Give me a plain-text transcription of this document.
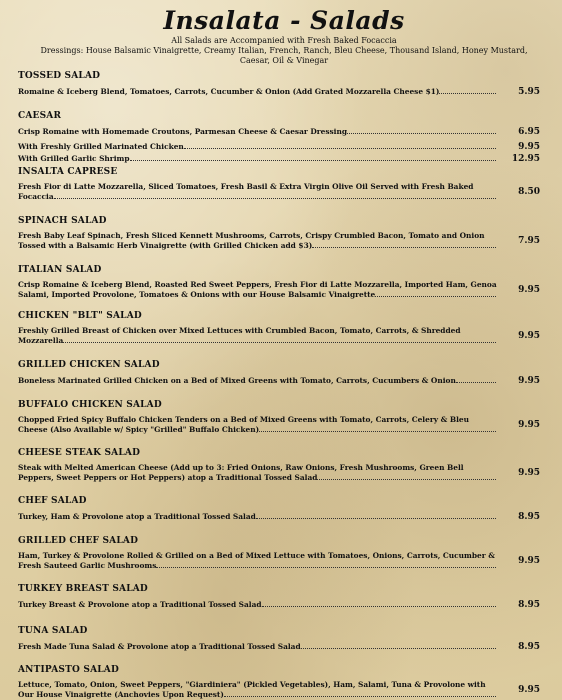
Insalata - Salads
All Salads are Accompanied with Fresh Baked Focaccia
Dressings: House Balsamic Vinaigrette, Creamy Italian, French, Ranch, Bleu Cheese, Thousand Island, Honey Mustard,
Caesar, Oil & Vinegar
TOSSED SALAD
Romaine & Iceberg Blend, Tomatoes, Carrots, Cucumber & Onion (Add Grated Mozzarella Cheese $1)	5.95
CAESAR
Crisp Romaine with Homemade Croutons, Parmesan Cheese & Caesar Dressing	6.95
With Freshly Grilled Marinated Chicken	9.95
With Grilled Garlic Shrimp	12.95
INSALTA CAPRESE
Fresh Fior di Latte Mozzarella, Sliced Tomatoes, Fresh Basil & Extra Virgin Olive Oil Served with Fresh Baked Focaccia	8.50
SPINACH SALAD
Fresh Baby Leaf Spinach, Fresh Sliced Kennett Mushrooms, Carrots, Crispy Crumbled Bacon, Tomato and Onion Tossed with a Balsamic Herb Vinaigrette (with Grilled Chicken add $3)	7.95
ITALIAN SALAD
Crisp Romaine & Iceberg Blend, Roasted Red Sweet Peppers, Fresh Fior di Latte Mozzarella, Imported Ham, Genoa Salami, Imported Provolone, Tomatoes & Onions with our House Balsamic Vinaigrette	9.95
CHICKEN "BLT" SALAD
Freshly Grilled Breast of Chicken over Mixed Lettuces with Crumbled Bacon, Tomato, Carrots, & Shredded Mozzarella	9.95
GRILLED CHICKEN SALAD
Boneless Marinated Grilled Chicken on a Bed of Mixed Greens with Tomato, Carrots, Cucumbers & Onion	9.95
BUFFALO CHICKEN SALAD
Chopped Fried Spicy Buffalo Chicken Tenders on a Bed of Mixed Greens with Tomato, Carrots, Celery & Bleu Cheese (Also Available w/ Spicy "Grilled" Buffalo Chicken)	9.95
CHEESE STEAK SALAD
Steak with Melted American Cheese (Add up to 3: Fried Onions, Raw Onions, Fresh Mushrooms, Green Bell Peppers, Sweet Peppers or Hot Peppers) atop a Traditional Tossed Salad	9.95
CHEF SALAD
Turkey, Ham & Provolone atop a Traditional Tossed Salad	8.95
GRILLED CHEF SALAD
Ham, Turkey & Provolone Rolled & Grilled on a Bed of Mixed Lettuce with Tomatoes, Onions, Carrots, Cucumber & Fresh Sauteed Garlic Mushrooms	9.95
TURKEY BREAST SALAD
Turkey Breast & Provolone atop a Traditional Tossed Salad	8.95
TUNA SALAD
Fresh Made Tuna Salad & Provolone atop a Traditional Tossed Salad	8.95
ANTIPASTO SALAD
Lettuce, Tomato, Onion, Sweet Peppers, "Giardiniera" (Pickled Vegetables), Ham, Salami, Tuna & Provolone with Our House Vinaigrette (Anchovies Upon Request)	9.95
